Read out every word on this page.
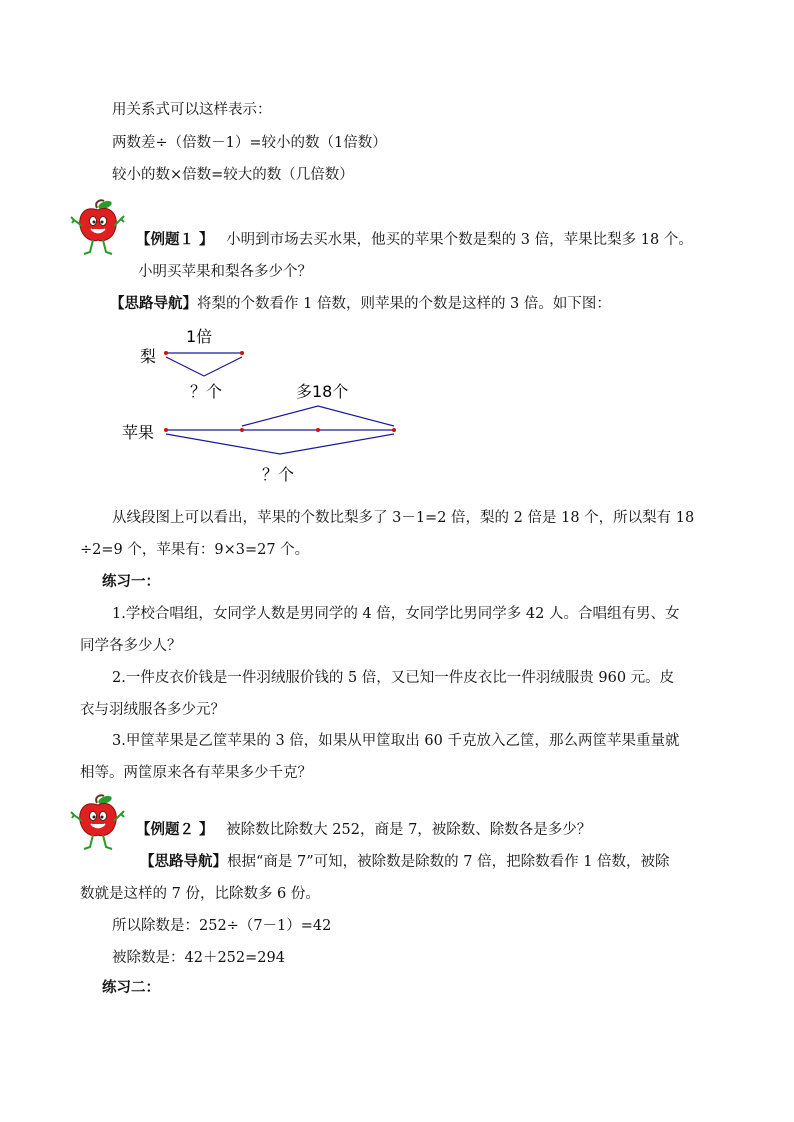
用关系式可以这样表示：
两数差÷（倍数－1）=较小的数（1倍数）
较小的数×倍数=较大的数（几倍数）
【例题１ 】 小明到市场去买水果，他买的苹果个数是梨的 3 倍，苹果比梨多 18 个。
小明买苹果和梨各多少个？
【思路导航】将梨的个数看作 1 倍数，则苹果的个数是这样的 3 倍。如下图：
梨
苹果
1倍
？个	多18个
？个
从线段图上可以看出，苹果的个数比梨多了 3－1=2 倍，梨的 2 倍是 18 个，所以梨有 18
÷2=9 个，苹果有：9×3=27 个。
练习一：
1.学校合唱组，女同学人数是男同学的 4 倍，女同学比男同学多 42 人。合唱组有男、女
同学各多少人？
2.一件皮衣价钱是一件羽绒服价钱的 5 倍，又已知一件皮衣比一件羽绒服贵 960 元。皮
衣与羽绒服各多少元？
3.甲筐苹果是乙筐苹果的 3 倍，如果从甲筐取出 60 千克放入乙筐，那么两筐苹果重量就
相等。两筐原来各有苹果多少千克？
【例题２ 】 被除数比除数大 252，商是 7，被除数、除数各是多少？
【思路导航】根据“商是 7”可知，被除数是除数的 7 倍，把除数看作 1 倍数，被除
数就是这样的 7 份，比除数多 6 份。
所以除数是：252÷（7－1）=42
被除数是：42＋252=294
练习二：
